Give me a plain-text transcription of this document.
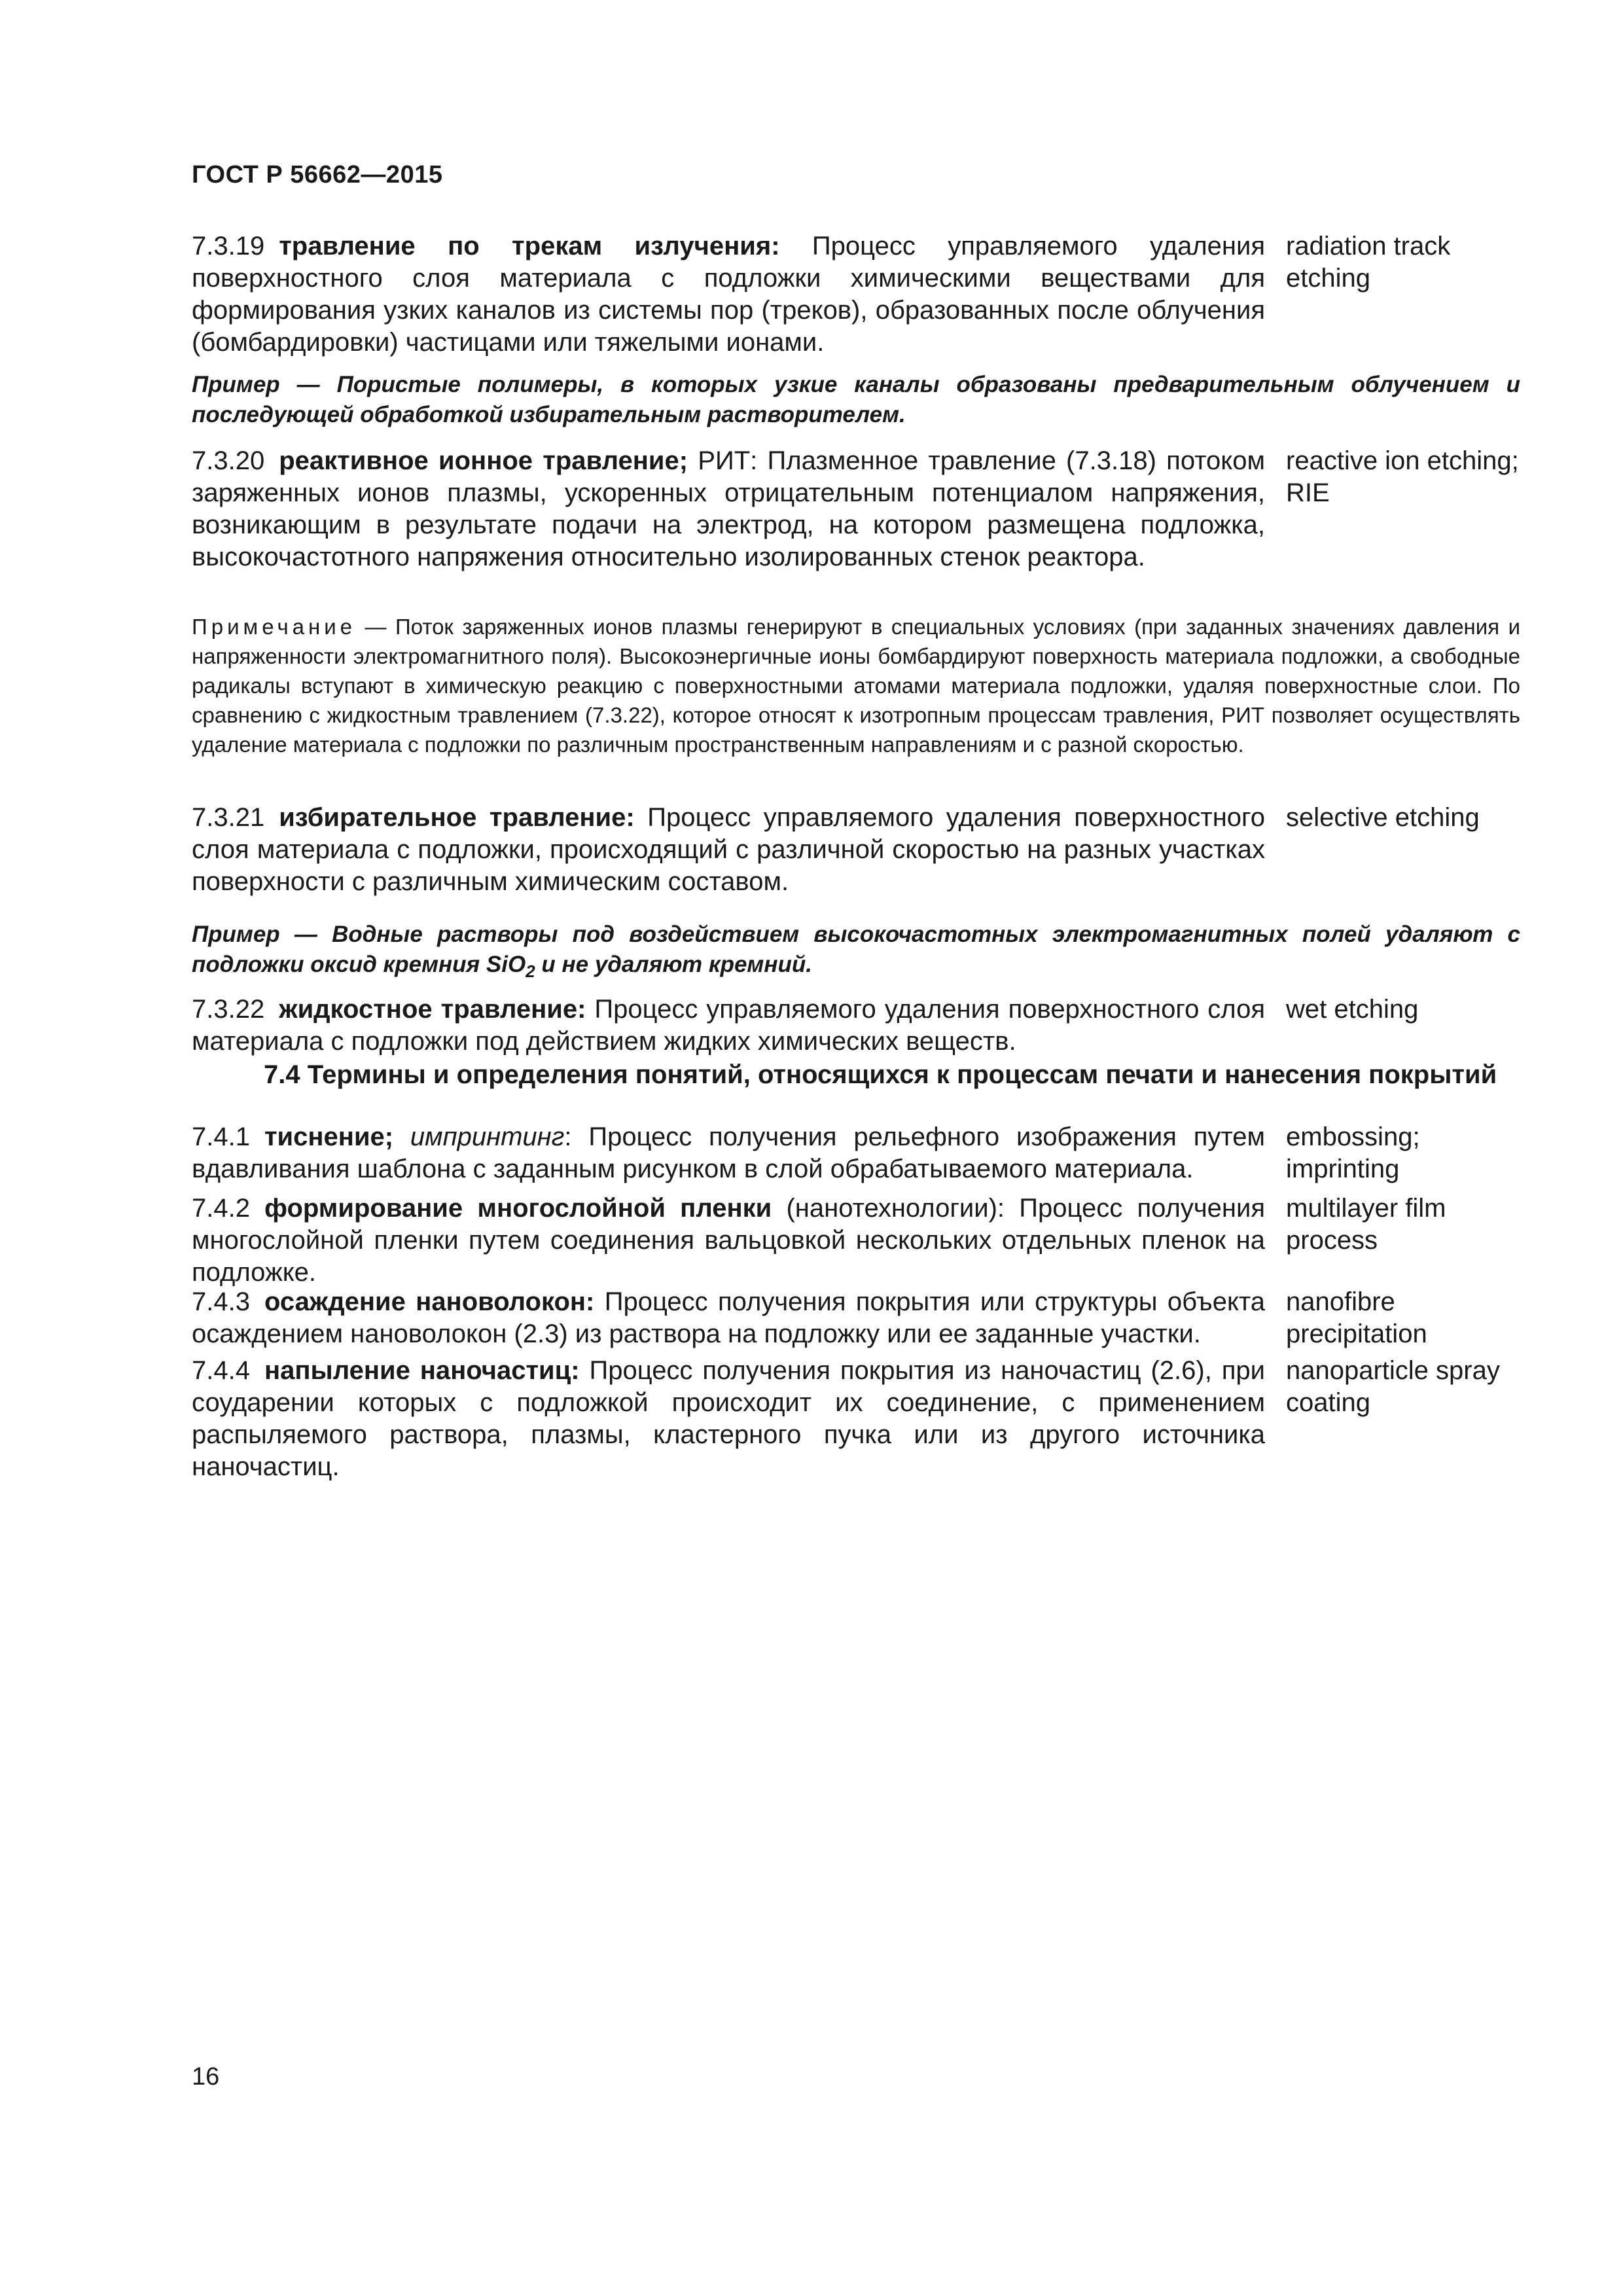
ГОСТ Р 56662—2015
7.3.19 травление по трекам излучения: Процесс управляемого удаления поверхностного слоя материала с подложки химическими веществами для формирования узких каналов из системы пор (треков), образованных после облучения (бомбардировки) частицами или тяжелыми ионами.
radiation track etching
Пример — Пористые полимеры, в которых узкие каналы образованы предварительным облучением и последующей обработкой избирательным растворителем.
7.3.20 реактивное ионное травление; РИТ: Плазменное травление (7.3.18) потоком заряженных ионов плазмы, ускоренных отрицательным потенциалом напряжения, возникающим в результате подачи на электрод, на котором размещена подложка, высокочастотного напряжения относительно изолированных стенок реактора.
reactive ion etching; RIE
Примечание — Поток заряженных ионов плазмы генерируют в специальных условиях (при заданных значениях давления и напряженности электромагнитного поля). Высокоэнергичные ионы бомбардируют поверхность материала подложки, а свободные радикалы вступают в химическую реакцию с поверхностными атомами материала подложки, удаляя поверхностные слои. По сравнению с жидкостным травлением (7.3.22), которое относят к изотропным процессам травления, РИТ позволяет осуществлять удаление материала с подложки по различным пространственным направлениям и с разной скоростью.
7.3.21 избирательное травление: Процесс управляемого удаления поверхностного слоя материала с подложки, происходящий с различной скоростью на разных участках поверхности с различным химическим составом.
selective etching
Пример — Водные растворы под воздействием высокочастотных электромагнитных полей удаляют с подложки оксид кремния SiO$_2$ и не удаляют кремний.
7.3.22 жидкостное травление: Процесс управляемого удаления поверхностного слоя материала с подложки под действием жидких химических веществ.
wet etching
7.4 Термины и определения понятий, относящихся к процессам печати и нанесения покрытий
7.4.1 тиснение; импринтинг: Процесс получения рельефного изображения путем вдавливания шаблона с заданным рисунком в слой обрабатываемого материала.
embossing; imprinting
7.4.2 формирование многослойной пленки (нанотехнологии): Процесс получения многослойной пленки путем соединения вальцовкой нескольких отдельных пленок на подложке.
multilayer film process
7.4.3 осаждение нановолокон: Процесс получения покрытия или структуры объекта осаждением нановолокон (2.3) из раствора на подложку или ее заданные участки.
nanofibre precipitation
7.4.4 напыление наночастиц: Процесс получения покрытия из наночастиц (2.6), при соударении которых с подложкой происходит их соединение, с применением распыляемого раствора, плазмы, кластерного пучка или из другого источника наночастиц.
nanoparticle spray coating
16
